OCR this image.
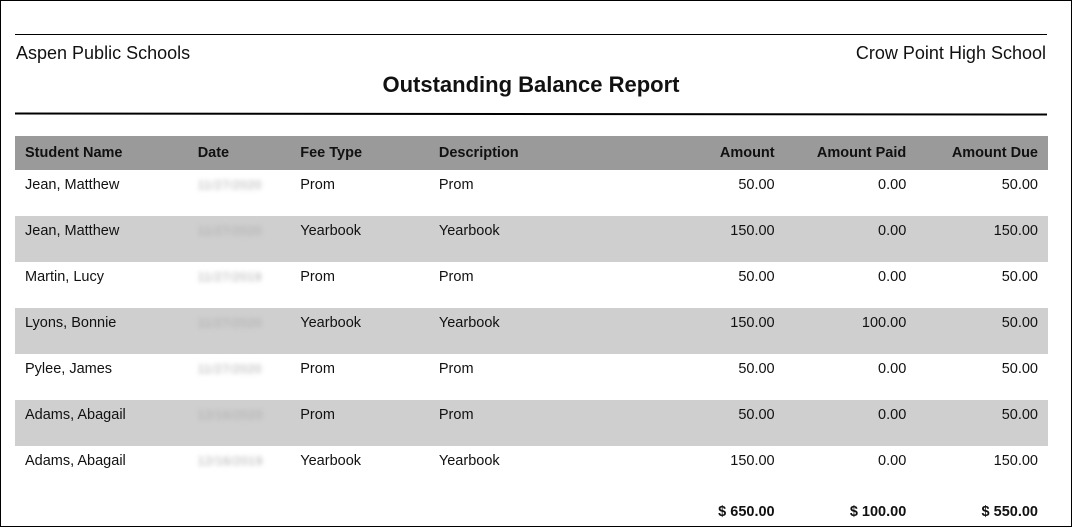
Aspen Public Schools	Crow Point High School
Outstanding Balance Report
Student Name	Date	Fee Type	Description	Amount	Amount Paid	Amount Due
Jean, Matthew	11/27/2020	Prom	Prom	50.00	0.00	50.00
Jean, Matthew	11/27/2020	Yearbook	Yearbook	150.00	0.00	150.00
Martin, Lucy	11/27/2019	Prom	Prom	50.00	0.00	50.00
Lyons, Bonnie	11/27/2020	Yearbook	Yearbook	150.00	100.00	50.00
Pylee, James	11/27/2020	Prom	Prom	50.00	0.00	50.00
Adams, Abagail	12/16/2020	Prom	Prom	50.00	0.00	50.00
Adams, Abagail	12/16/2019	Yearbook	Yearbook	150.00	0.00	150.00
				$ 650.00	$ 100.00	$ 550.00
